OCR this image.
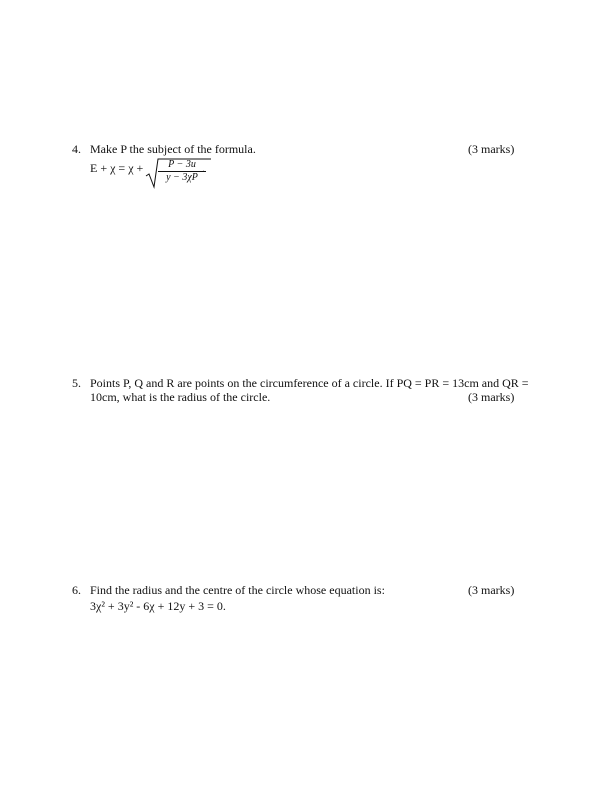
4. Make P the subject of the formula.	(3 marks)
E + χ = χ +	P − 3u
y − 3χP
.
5. Points P, Q and R are points on the circumference of a circle. If PQ = PR = 13cm and QR =
10cm, what is the radius of the circle.	(3 marks)
6. Find the radius and the centre of the circle whose equation is:
3χ² + 3y² - 6χ + 12y + 3 = 0.
(3 marks)
